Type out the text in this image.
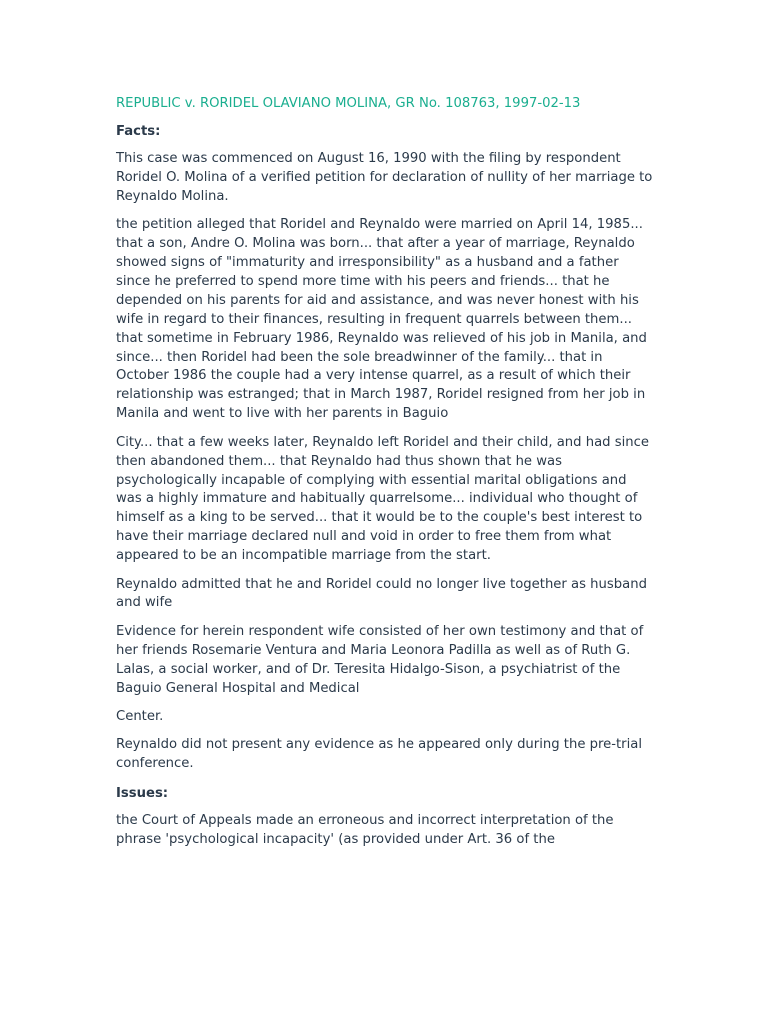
REPUBLIC v. RORIDEL OLAVIANO MOLINA, GR No. 108763, 1997-02-13
Facts:

This case was commenced on August 16, 1990 with the filing by respondent Roridel O. Molina of a verified petition for declaration of nullity of her marriage to Reynaldo Molina.

the petition alleged that Roridel and Reynaldo were married on April 14, 1985... that a son, Andre O. Molina was born... that after a year of marriage, Reynaldo showed signs of "immaturity and irresponsibility" as a husband and a father since he preferred to spend more time with his peers and friends... that he depended on his parents for aid and assistance, and was never honest with his wife in regard to their finances, resulting in frequent quarrels between them... that sometime in February 1986, Reynaldo was relieved of his job in Manila, and since... then Roridel had been the sole breadwinner of the family... that in October 1986 the couple had a very intense quarrel, as a result of which their relationship was estranged; that in March 1987, Roridel resigned from her job in Manila and went to live with her parents in Baguio

City... that a few weeks later, Reynaldo left Roridel and their child, and had since then abandoned them... that Reynaldo had thus shown that he was psychologically incapable of complying with essential marital obligations and was a highly immature and habitually quarrelsome... individual who thought of himself as a king to be served... that it would be to the couple's best interest to have their marriage declared null and void in order to free them from what appeared to be an incompatible marriage from the start.

Reynaldo admitted that he and Roridel could no longer live together as husband and wife

Evidence for herein respondent wife consisted of her own testimony and that of her friends Rosemarie Ventura and Maria Leonora Padilla as well as of Ruth G. Lalas, a social worker, and of Dr. Teresita Hidalgo-Sison, a psychiatrist of the Baguio General Hospital and Medical

Center.

Reynaldo did not present any evidence as he appeared only during the pre-trial conference.

Issues:

the Court of Appeals made an erroneous and incorrect interpretation of the phrase 'psychological incapacity' (as provided under Art. 36 of the
